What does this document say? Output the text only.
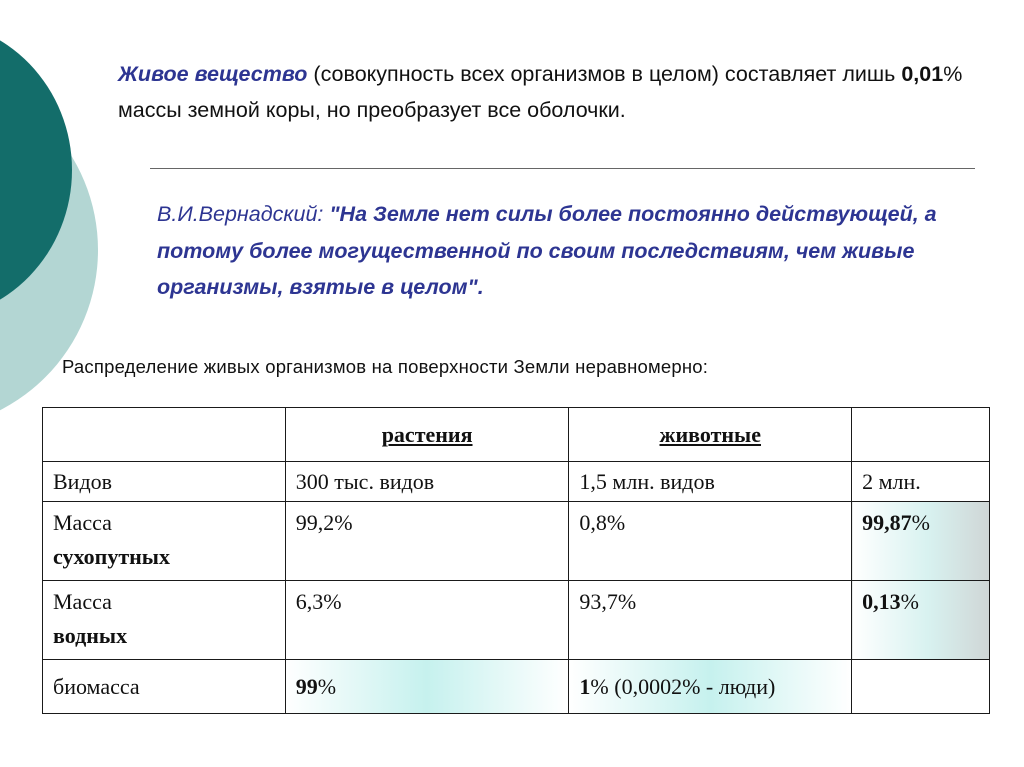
Живое вещество (совокупность всех организмов в целом) составляет лишь 0,01% массы земной коры, но преобразует все оболочки.
В.И.Вернадский: "На Земле нет силы более постоянно действующей, а потому более могущественной по своим последствиям, чем живые организмы, взятые в целом".
Распределение живых организмов на поверхности Земли неравномерно:
	растения	животные	
Видов	300 тыс. видов	1,5 млн. видов	2 млн.
Масса
сухопутных	99,2%	0,8%	99,87%
Масса
водных	6,3%	93,7%	0,13%
биомасса	99%	1% (0,0002% - люди)	
